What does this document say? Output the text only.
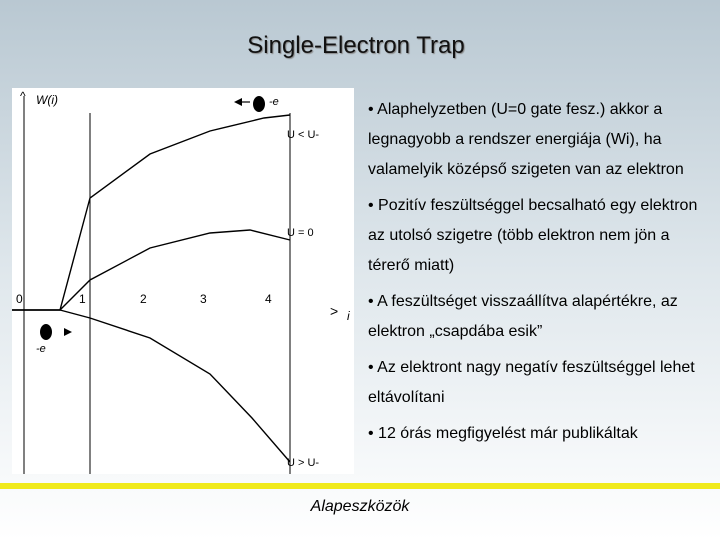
Single-Electron Trap
^ W(i)
0	1	2	3	4
> i
U < U-
U = 0
U > U-
-e
-e
• Alaphelyzetben (U=0 gate fesz.) akkor a legnagyobb a rendszer energiája (Wi), ha valamelyik középső szigeten van az elektron
• Pozitív feszültséggel becsalható egy elektron az utolsó szigetre (több elektron nem jön a térerő miatt)
• A feszültséget visszaállítva alapértékre, az elektron „csapdába esik”
• Az elektront nagy negatív feszültséggel lehet eltávolítani
• 12 órás megfigyelést már publikáltak
Alapeszközök
